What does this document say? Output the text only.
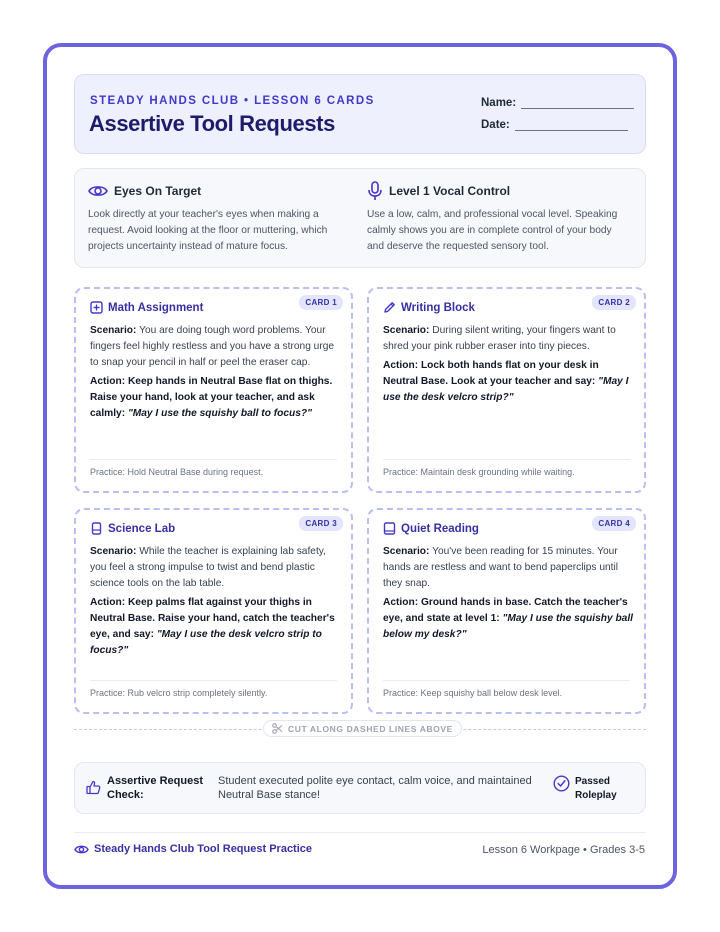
STEADY HANDS CLUB • LESSON 6 CARDS
Assertive Tool Requests
Name:
Date:
Eyes On Target
Look directly at your teacher's eyes when making a request. Avoid looking at the floor or muttering, which projects uncertainty instead of mature focus.
Level 1 Vocal Control
Use a low, calm, and professional vocal level. Speaking calmly shows you are in complete control of your body and deserve the requested sensory tool.
CARD 1
Math Assignment
Scenario: You are doing tough word problems. Your fingers feel highly restless and you have a strong urge to snap your pencil in half or peel the eraser cap.
Action: Keep hands in Neutral Base flat on thighs. Raise your hand, look at your teacher, and ask calmly: "May I use the squishy ball to focus?"
Practice: Hold Neutral Base during request.
CARD 2
Writing Block
Scenario: During silent writing, your fingers want to shred your pink rubber eraser into tiny pieces.
Action: Lock both hands flat on your desk in Neutral Base. Look at your teacher and say: "May I use the desk velcro strip?"
Practice: Maintain desk grounding while waiting.
CARD 3
Science Lab
Scenario: While the teacher is explaining lab safety, you feel a strong impulse to twist and bend plastic science tools on the lab table.
Action: Keep palms flat against your thighs in Neutral Base. Raise your hand, catch the teacher's eye, and say: "May I use the desk velcro strip to focus?"
Practice: Rub velcro strip completely silently.
CARD 4
Quiet Reading
Scenario: You've been reading for 15 minutes. Your hands are restless and want to bend paperclips until they snap.
Action: Ground hands in base. Catch the teacher's eye, and state at level 1: "May I use the squishy ball below my desk?"
Practice: Keep squishy ball below desk level.
CUT ALONG DASHED LINES ABOVE
Assertive Request Check:
Student executed polite eye contact, calm voice, and maintained Neutral Base stance!
Passed Roleplay
Steady Hands Club Tool Request Practice	Lesson 6 Workpage • Grades 3-5
